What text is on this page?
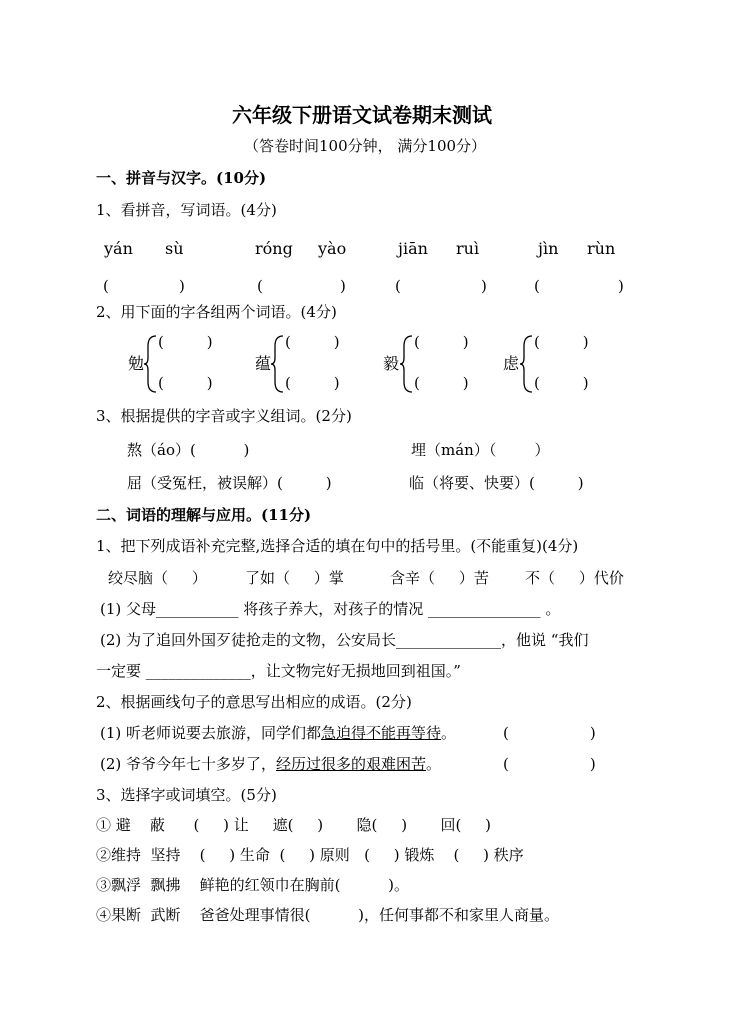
六年级下册语文试卷期末测试
（答卷时间100分钟， 满分100分）
一、拼音与汉字。(10分)
1、看拼音，写词语。(4分)
yán sù	róng yào	jiān ruì	jìn rùn
(	)	(	)	(	)	(	)
2、用下面的字各组两个词语。(4分)
勉
(         )
(         )
蕴
(         )
(         )
毅
(         )
(         )
虑
(         )
(         )
3、根据提供的字音或字义组词。(2分)
熬（áo）(          )	埋（mán）（        ）
屈（受冤枉，被误解）(         )	临（将要、快要）(         )
二、词语的理解与应用。(11分)
1、把下列成语补充完整,选择合适的填在句中的括号里。(不能重复)(4分)
绞尽脑（     ）	了如（     ）掌	含辛（     ）苦 不（     ）代价
(1) 父母___________ 将孩子养大，对孩子的情况 _______________ 。
(2) 为了追回外国歹徒抢走的文物，公安局长______________，他说 “我们
一定要 ______________，让文物完好无损地回到祖国。”
2、根据画线句子的意思写出相应的成语。(2分)
(1) 听老师说要去旅游，同学们都急迫得不能再等待。	(                 )
(2) 爷爷今年七十多岁了，经历过很多的艰难困苦。	(                 )
3、选择字或词填空。(5分)
① 避    蔽      (     ) 让     遮(     )       隐(     )       回(     )
②维持  坚持    (     ) 生命  (     ) 原则   (     ) 锻炼    (     ) 秩序
③飘浮  飘拂    鲜艳的红领巾在胸前(          )。
④果断  武断    爸爸处理事情很(          )，任何事都不和家里人商量。
